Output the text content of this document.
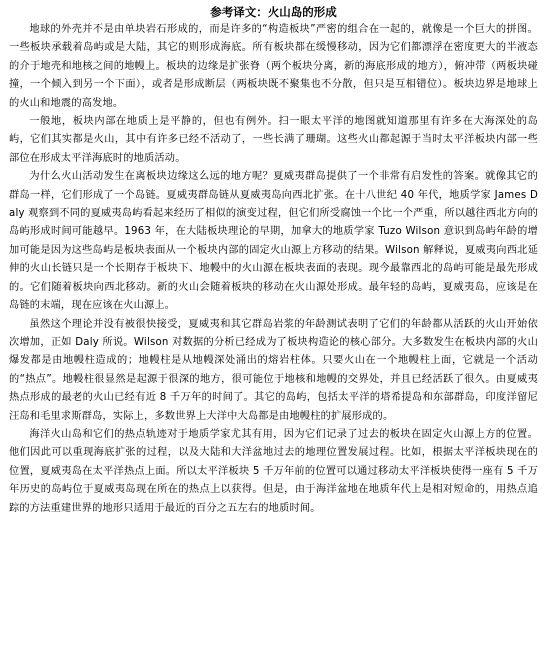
参考译文：火山岛的形成

地球的外壳并不是由单块岩石形成的，而是许多的“构造板块”严密的组合在一起的，就像是一个巨大的拼图。一些板块承载着岛屿或是大陆，其它的则形成海底。所有板块都在缓慢移动，因为它们都漂浮在密度更大的半液态的介于地壳和地核之间的地幔上。板块的边缘是扩张脊（两个板块分离，新的海底形成的地方），俯冲带（两板块碰撞，一个倾入到另一个下面），或者是形成断层（两板块既不聚集也不分散，但只是互相错位）。板块边界是地球上的火山和地震的高发地。

一般地，板块内部在地质上是平静的，但也有例外。扫一眼太平洋的地图就知道那里有许多在大海深处的岛屿，它们其实都是火山，其中有许多已经不活动了，一些长满了珊瑚。这些火山都起源于当时太平洋板块内部一些部位在形成太平洋海底时的地质活动。

为什么火山活动发生在离板块边缘这么远的地方呢？夏威夷群岛提供了一个非常有启发性的答案。就像其它的群岛一样，它们形成了一个岛链。夏威夷群岛链从夏威夷岛向西北扩张。在十八世纪 40 年代，地质学家 James Daly 观察到不同的夏威夷岛屿看起来经历了相似的演变过程，但它们所受腐蚀一个比一个严重，所以越往西北方向的岛屿形成时间可能越早。1963 年，在大陆板块理论的早期，加拿大的地质学家 Tuzo Wilson 意识到岛屿年龄的增加可能是因为这些岛屿是板块表面从一个板块内部的固定火山源上方移动的结果。Wilson 解释说，夏威夷向西北延伸的火山长链只是一个长期存于板块下、地幔中的火山源在板块表面的表现。现今最靠西北的岛屿可能是最先形成的。它们随着板块向西北移动。新的火山会随着板块的移动在火山源处形成。最年轻的岛屿，夏威夷岛，应该是在岛链的末端，现在应该在火山源上。

虽然这个理论并没有被很快接受，夏威夷和其它群岛岩浆的年龄测试表明了它们的年龄都从活跃的火山开始依次增加，正如 Daly 所说。Wilson 对数据的分析已经成为了板块构造论的核心部分。大多数发生在板块内部的火山爆发都是由地幔柱造成的；地幔柱是从地幔深处涌出的熔岩柱体。只要火山在一个地幔柱上面，它就是一个活动的“热点”。地幔柱很显然是起源于很深的地方，很可能位于地核和地幔的交界处，并且已经活跃了很久。由夏威夷热点形成的最老的火山已经有近 8 千万年的时间了。其它的岛屿，包括太平洋的塔希提岛和东部群岛，印度洋留尼汪岛和毛里求斯群岛，实际上，多数世界上大洋中大岛都是由地幔柱的扩展形成的。

海洋火山岛和它们的热点轨迹对于地质学家尤其有用，因为它们记录了过去的板块在固定火山源上方的位置。他们因此可以重现海底扩张的过程，以及大陆和大洋盆地过去的地理位置发展过程。比如，根据太平洋板块现在的位置，夏威夷岛在太平洋热点上面。所以太平洋板块 5 千万年前的位置可以通过移动太平洋板块使得一座有 5 千万年历史的岛屿位于夏威夷岛现在所在的热点上以获得。但是，由于海洋盆地在地质年代上是相对短命的，用热点追踪的方法重建世界的地形只适用于最近的百分之五左右的地质时间。
